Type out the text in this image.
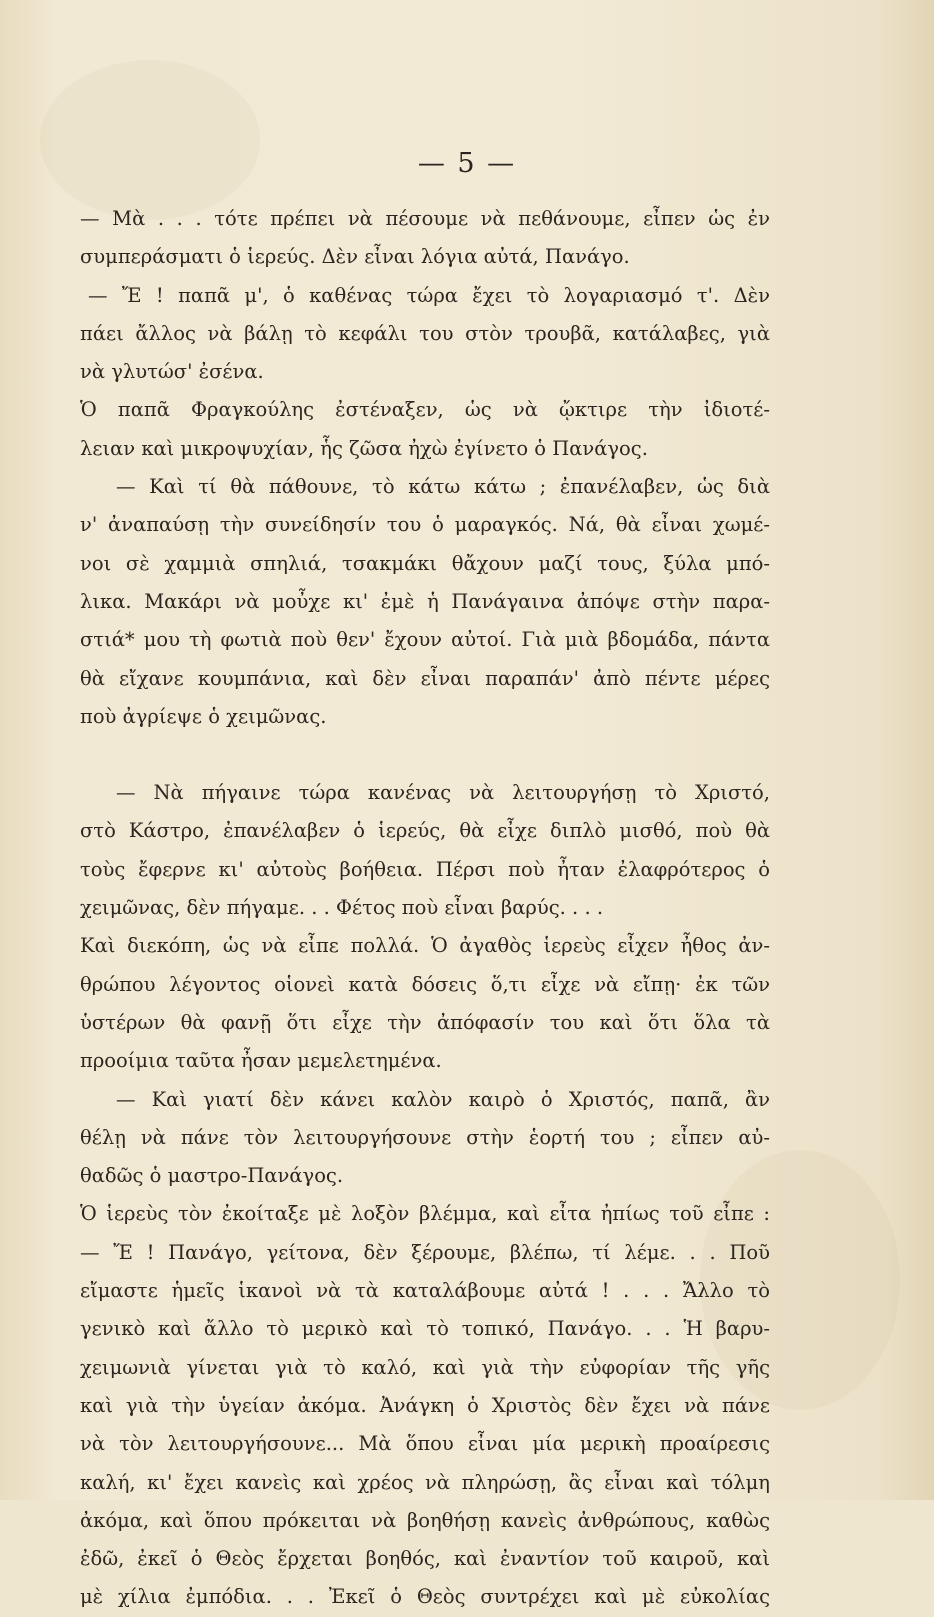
— 5 —
— Μὰ . . . τότε πρέπει νὰ πέσουμε νὰ πεθάνουμε, εἶπεν ὡς ἐν
συμπεράσματι ὁ ἱερεύς. Δὲν εἶναι λόγια αὐτά, Πανάγο.
— Ἔ ! παπᾶ μ', ὁ καθένας τώρα ἔχει τὸ λογαριασμό τ'. Δὲν
πάει ἄλλος νὰ βάλῃ τὸ κεφάλι του στὸν τρουβᾶ, κατάλαβες, γιὰ
νὰ γλυτώσ' ἐσένα.
Ὁ παπᾶ Φραγκούλης ἐστέναξεν, ὡς νὰ ᾤκτιρε τὴν ἰδιοτέ-
λειαν καὶ μικροψυχίαν, ἧς ζῶσα ἠχὼ ἐγίνετο ὁ Πανάγος.
— Καὶ τί θὰ πάθουνε, τὸ κάτω κάτω ; ἐπανέλαβεν, ὡς διὰ
ν' ἀναπαύσῃ τὴν συνείδησίν του ὁ μαραγκός. Νά, θὰ εἶναι χωμέ-
νοι σὲ χαμμιὰ σπηλιά, τσακμάκι θἄχουν μαζί τους, ξύλα μπό-
λικα. Μακάρι νὰ μοὖχε κι' ἐμὲ ἡ Πανάγαινα ἀπόψε στὴν παρα-
στιά* μου τὴ φωτιὰ ποὺ θεν' ἔχουν αὐτοί. Γιὰ μιὰ βδομάδα, πάντα
θὰ εἴχανε κουμπάνια, καὶ δὲν εἶναι παραπάν' ἀπὸ πέντε μέρες
ποὺ ἀγρίεψε ὁ χειμῶνας.
— Νὰ πήγαινε τώρα κανένας νὰ λειτουργήσῃ τὸ Χριστό,
στὸ Κάστρο, ἐπανέλαβεν ὁ ἱερεύς, θὰ εἶχε διπλὸ μισθό, ποὺ θὰ
τοὺς ἔφερνε κι' αὐτοὺς βοήθεια. Πέρσι ποὺ ἦταν ἐλαφρότερος ὁ
χειμῶνας, δὲν πήγαμε. . . Φέτος ποὺ εἶναι βαρύς. . . .
Καὶ διεκόπη, ὡς νὰ εἶπε πολλά. Ὁ ἀγαθὸς ἱερεὺς εἶχεν ἦθος ἀν-
θρώπου λέγοντος οἱονεὶ κατὰ δόσεις ὅ,τι εἶχε νὰ εἴπῃ· ἐκ τῶν
ὑστέρων θὰ φανῇ ὅτι εἶχε τὴν ἀπόφασίν του καὶ ὅτι ὅλα τὰ
προοίμια ταῦτα ἦσαν μεμελετημένα.
— Καὶ γιατί δὲν κάνει καλὸν καιρὸ ὁ Χριστός, παπᾶ, ἂν
θέλῃ νὰ πάνε τὸν λειτουργήσουνε στὴν ἑορτή του ; εἶπεν αὐ-
θαδῶς ὁ μαστρο-Πανάγος.
Ὁ ἱερεὺς τὸν ἐκοίταξε μὲ λοξὸν βλέμμα, καὶ εἶτα ἠπίως τοῦ εἶπε :
— Ἔ ! Πανάγο, γείτονα, δὲν ξέρουμε, βλέπω, τί λέμε. . . Ποῦ
εἴμαστε ἡμεῖς ἱκανοὶ νὰ τὰ καταλάβουμε αὐτά ! . . . Ἄλλο τὸ
γενικὸ καὶ ἄλλο τὸ μερικὸ καὶ τὸ τοπικό, Πανάγο. . . Ἡ βαρυ-
χειμωνιὰ γίνεται γιὰ τὸ καλό, καὶ γιὰ τὴν εὐφορίαν τῆς γῆς
καὶ γιὰ τὴν ὑγείαν ἀκόμα. Ἀνάγκη ὁ Χριστὸς δὲν ἔχει νὰ πάνε
νὰ τὸν λειτουργήσουνε... Μὰ ὅπου εἶναι μία μερικὴ προαίρεσις
καλή, κι' ἔχει κανεὶς καὶ χρέος νὰ πληρώσῃ, ἂς εἶναι καὶ τόλμη
ἀκόμα, καὶ ὅπου πρόκειται νὰ βοηθήσῃ κανεὶς ἀνθρώπους, καθὼς
ἐδῶ, ἐκεῖ ὁ Θεὸς ἔρχεται βοηθός, καὶ ἐναντίον τοῦ καιροῦ, καὶ
μὲ χίλια ἐμπόδια. . . Ἐκεῖ ὁ Θεὸς συντρέχει καὶ μὲ εὐκολίας
